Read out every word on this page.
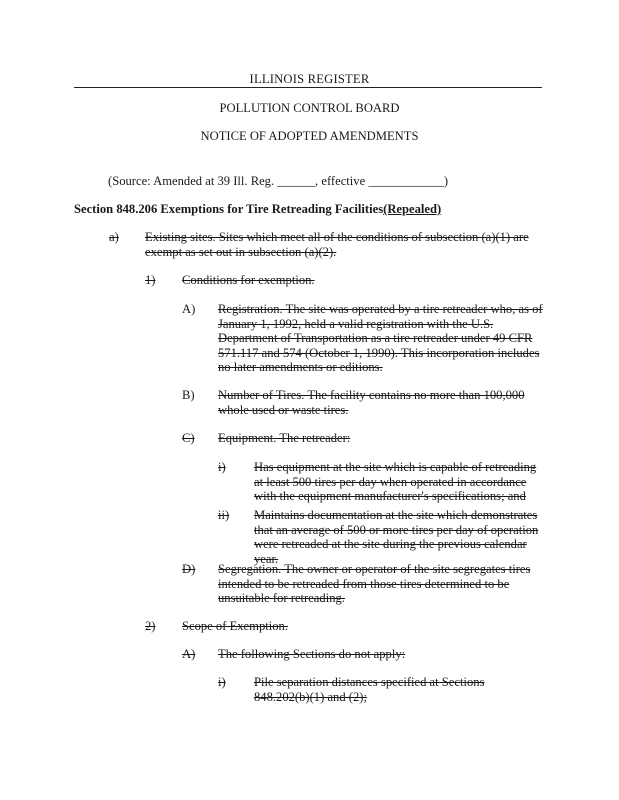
ILLINOIS REGISTER
POLLUTION CONTROL BOARD
NOTICE OF ADOPTED AMENDMENTS
(Source: Amended at 39 Ill. Reg. ______, effective ____________)
Section 848.206 Exemptions for Tire Retreading Facilities(Repealed)
a) Existing sites. Sites which meet all of the conditions of subsection (a)(1) are exempt as set out in subsection (a)(2).
1) Conditions for exemption.
A) Registration. The site was operated by a tire retreader who, as of January 1, 1992, held a valid registration with the U.S. Department of Transportation as a tire retreader under 49 CFR 571.117 and 574 (October 1, 1990). This incorporation includes no later amendments or editions.
B) Number of Tires. The facility contains no more than 100,000 whole used or waste tires.
C) Equipment. The retreader:
i) Has equipment at the site which is capable of retreading at least 500 tires per day when operated in accordance with the equipment manufacturer's specifications; and
ii) Maintains documentation at the site which demonstrates that an average of 500 or more tires per day of operation were retreaded at the site during the previous calendar year.
D) Segregation. The owner or operator of the site segregates tires intended to be retreaded from those tires determined to be unsuitable for retreading.
2) Scope of Exemption.
A) The following Sections do not apply:
i) Pile separation distances specified at Sections 848.202(b)(1) and (2);
